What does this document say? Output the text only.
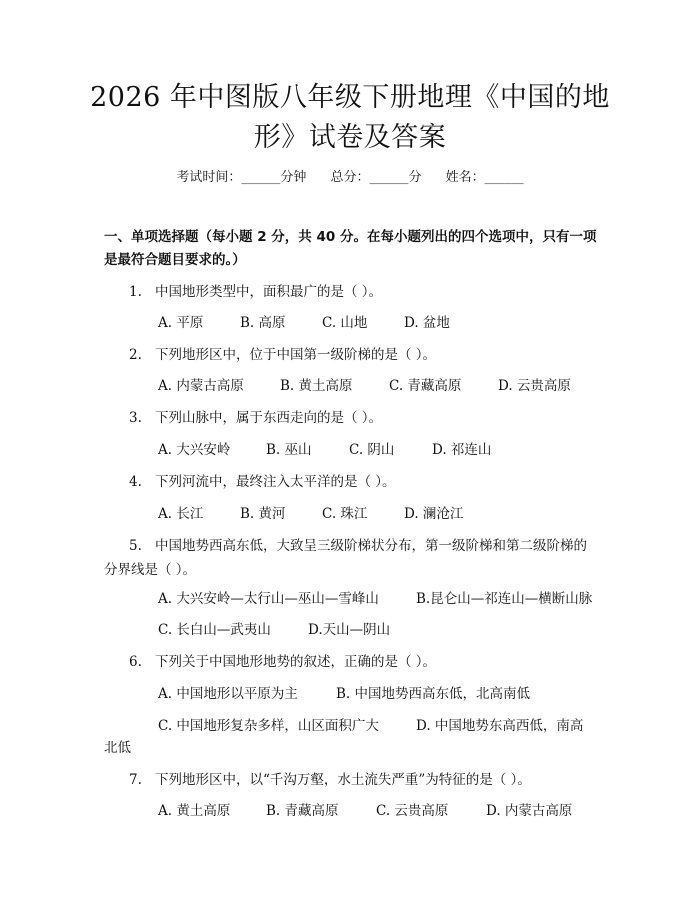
2026 年中图版八年级下册地理《中国的地
形》试卷及答案
考试时间：______分钟 总分：______分 姓名：______
一、单项选择题（每小题 2 分，共 40 分。在每小题列出的四个选项中，只有一项
是最符合题目要求的。）
1. 中国地形类型中，面积最广的是（ ）。
A. 平原	B. 高原	C. 山地	D. 盆地
2. 下列地形区中，位于中国第一级阶梯的是（ ）。
A. 内蒙古高原	B. 黄土高原	C. 青藏高原	D. 云贵高原
3. 下列山脉中，属于东西走向的是（ ）。
A. 大兴安岭	B. 巫山	C. 阴山	D. 祁连山
4. 下列河流中，最终注入太平洋的是（ ）。
A. 长江	B. 黄河	C. 珠江	D. 澜沧江
5. 中国地势西高东低，大致呈三级阶梯状分布，第一级阶梯和第二级阶梯的
分界线是（ ）。
A. 大兴安岭—太行山—巫山—雪峰山	B.昆仑山—祁连山—横断山脉
C. 长白山—武夷山	D.天山—阴山
6. 下列关于中国地形地势的叙述，正确的是（ ）。
A. 中国地形以平原为主	B. 中国地势西高东低，北高南低
C. 中国地形复杂多样，山区面积广大	D. 中国地势东高西低，南高
北低
7. 下列地形区中，以“千沟万壑，水土流失严重”为特征的是（ ）。
A. 黄土高原	B. 青藏高原	C. 云贵高原	D. 内蒙古高原
